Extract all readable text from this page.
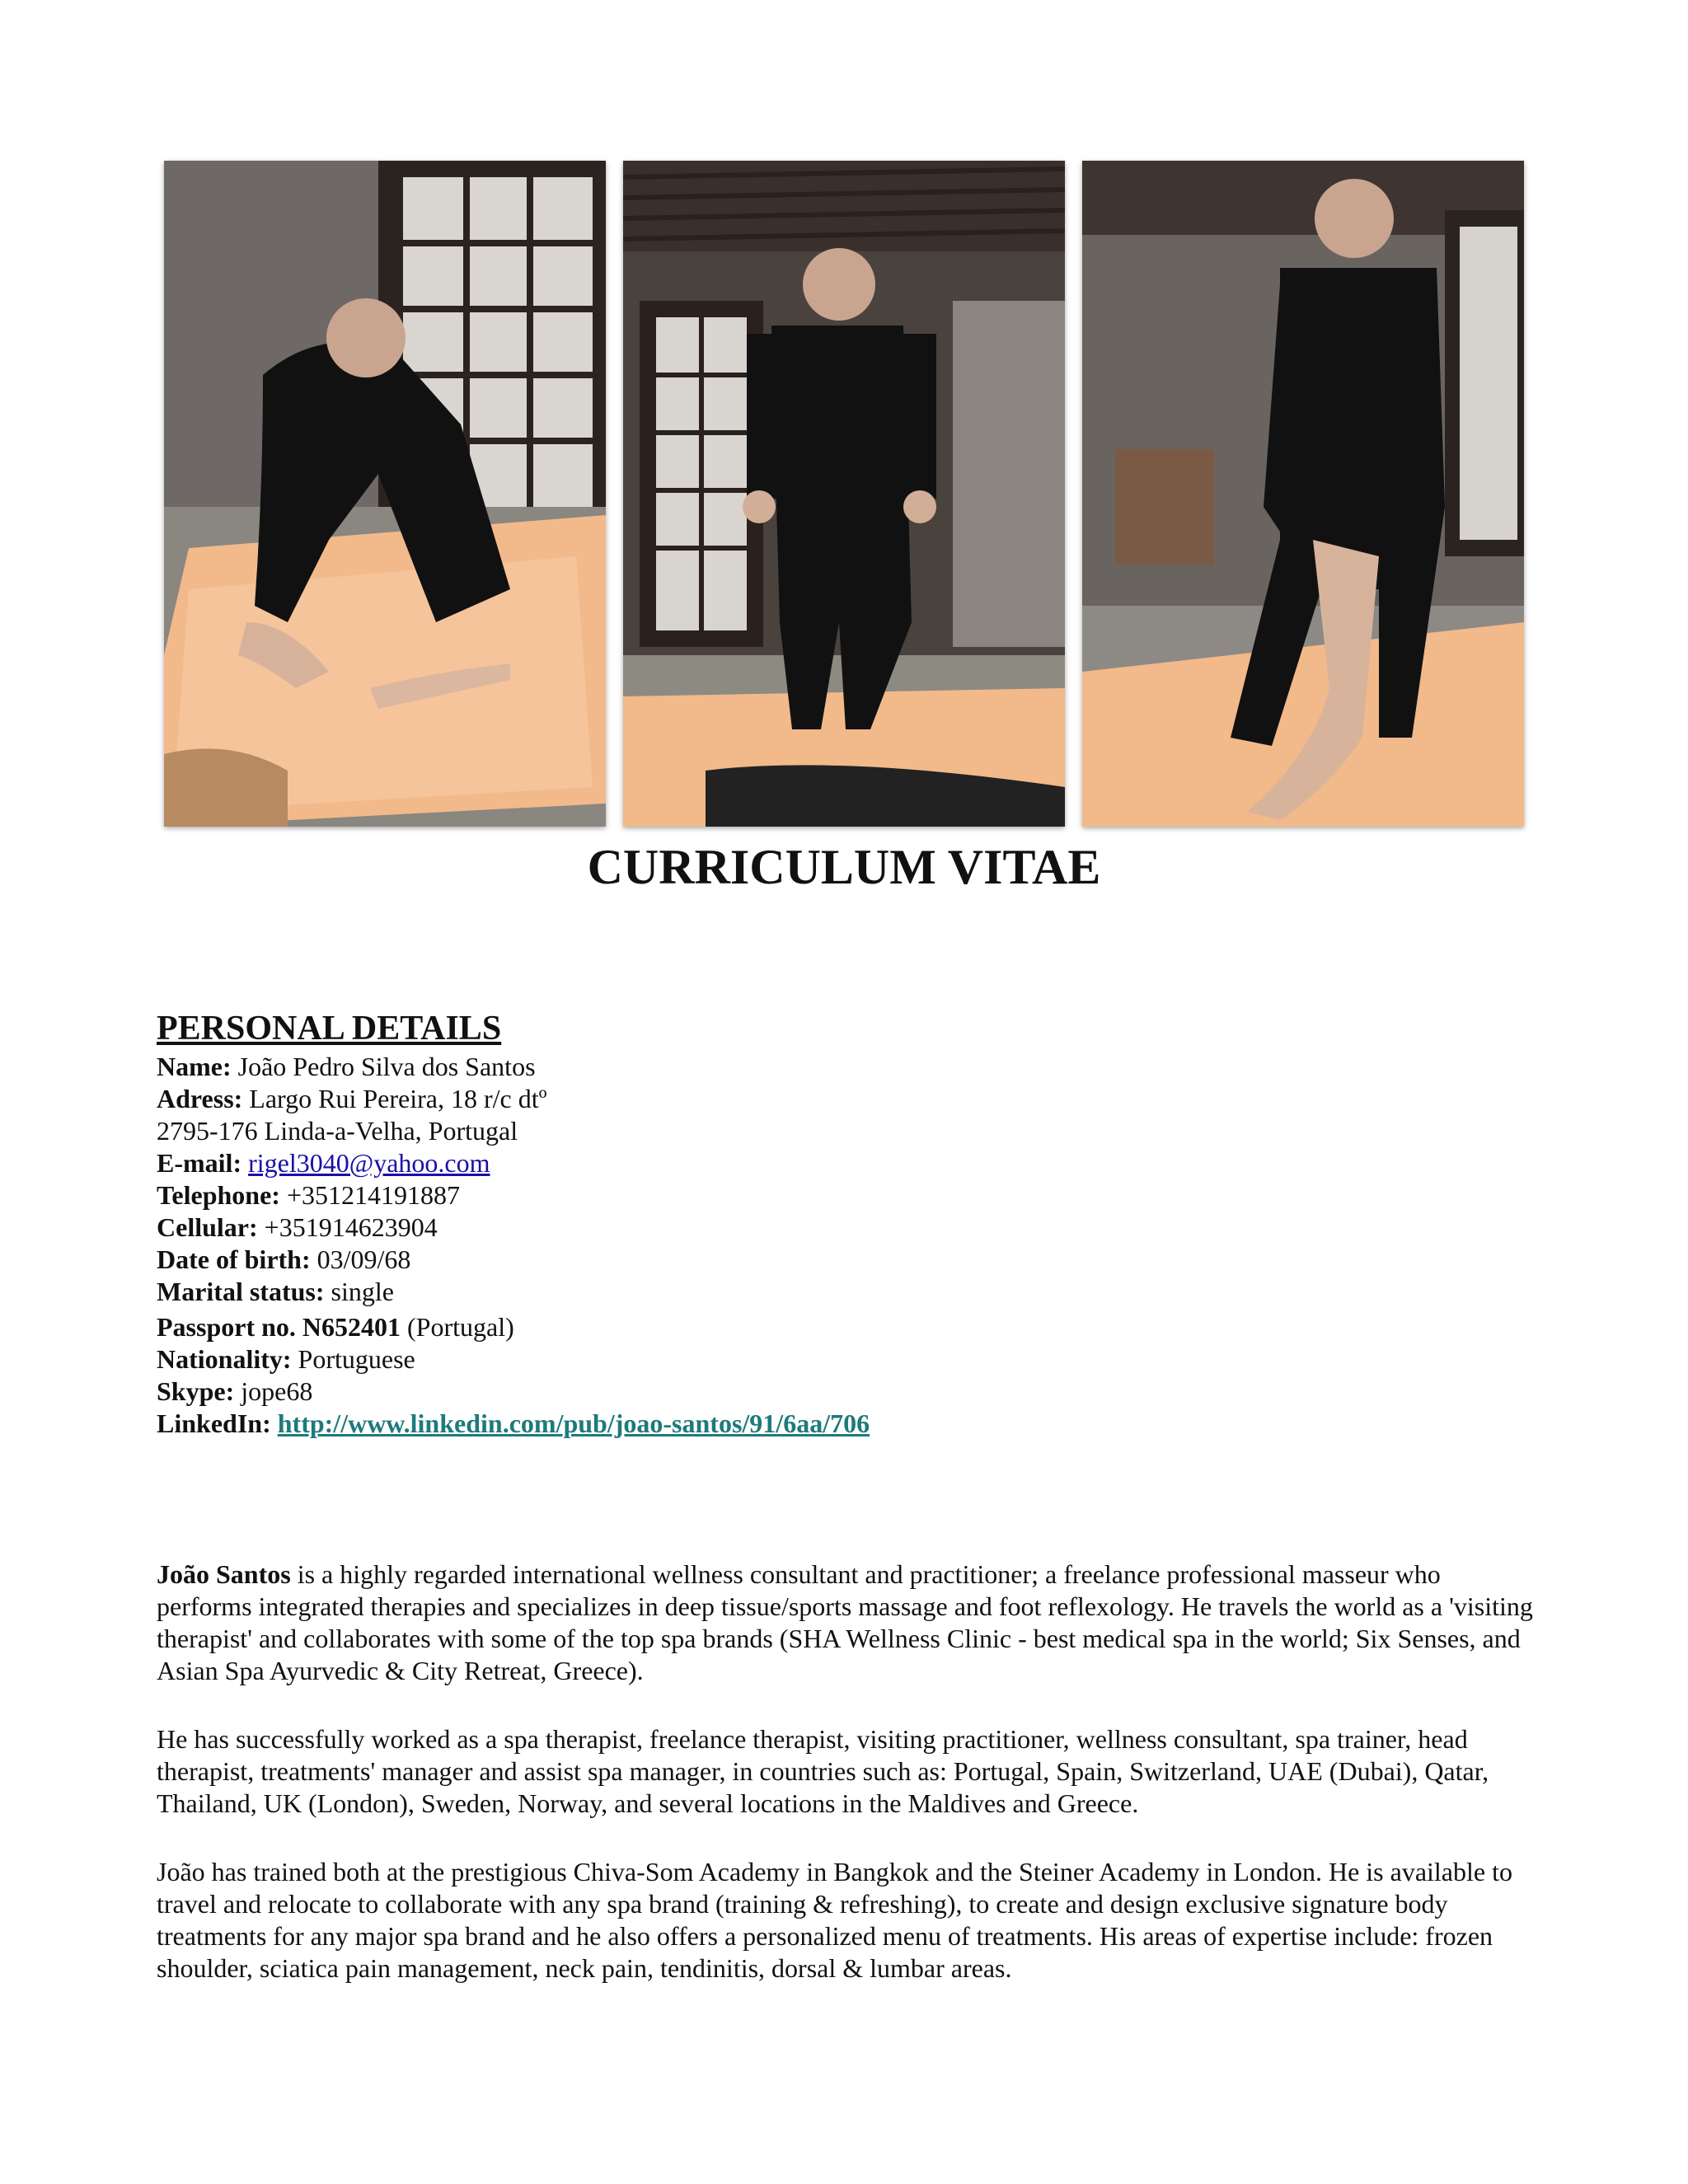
CURRICULUM VITAE
PERSONAL DETAILS
Name: João Pedro Silva dos Santos
Adress: Largo Rui Pereira, 18 r/c dtº
2795-176 Linda-a-Velha, Portugal
E-mail: rigel3040@yahoo.com
Telephone: +351214191887
Cellular: +351914623904
Date of birth: 03/09/68
Marital status: single
Passport no. N652401 (Portugal)
Nationality: Portuguese
Skype: jope68
LinkedIn: http://www.linkedin.com/pub/joao-santos/91/6aa/706

João Santos is a highly regarded international wellness consultant and practitioner; a freelance professional masseur who performs integrated therapies and specializes in deep tissue/sports massage and foot reflexology. He travels the world as a 'visiting therapist' and collaborates with some of the top spa brands (SHA Wellness Clinic - best medical spa in the world; Six Senses, and Asian Spa Ayurvedic & City Retreat, Greece).

He has successfully worked as a spa therapist, freelance therapist, visiting practitioner, wellness consultant, spa trainer, head therapist, treatments' manager and assist spa manager, in countries such as: Portugal, Spain, Switzerland, UAE (Dubai), Qatar, Thailand, UK (London), Sweden, Norway, and several locations in the Maldives and Greece.

João has trained both at the prestigious Chiva-Som Academy in Bangkok and the Steiner Academy in London. He is available to travel and relocate to collaborate with any spa brand (training & refreshing), to create and design exclusive signature body treatments for any major spa brand and he also offers a personalized menu of treatments. His areas of expertise include: frozen shoulder, sciatica pain management, neck pain, tendinitis, dorsal & lumbar areas.
